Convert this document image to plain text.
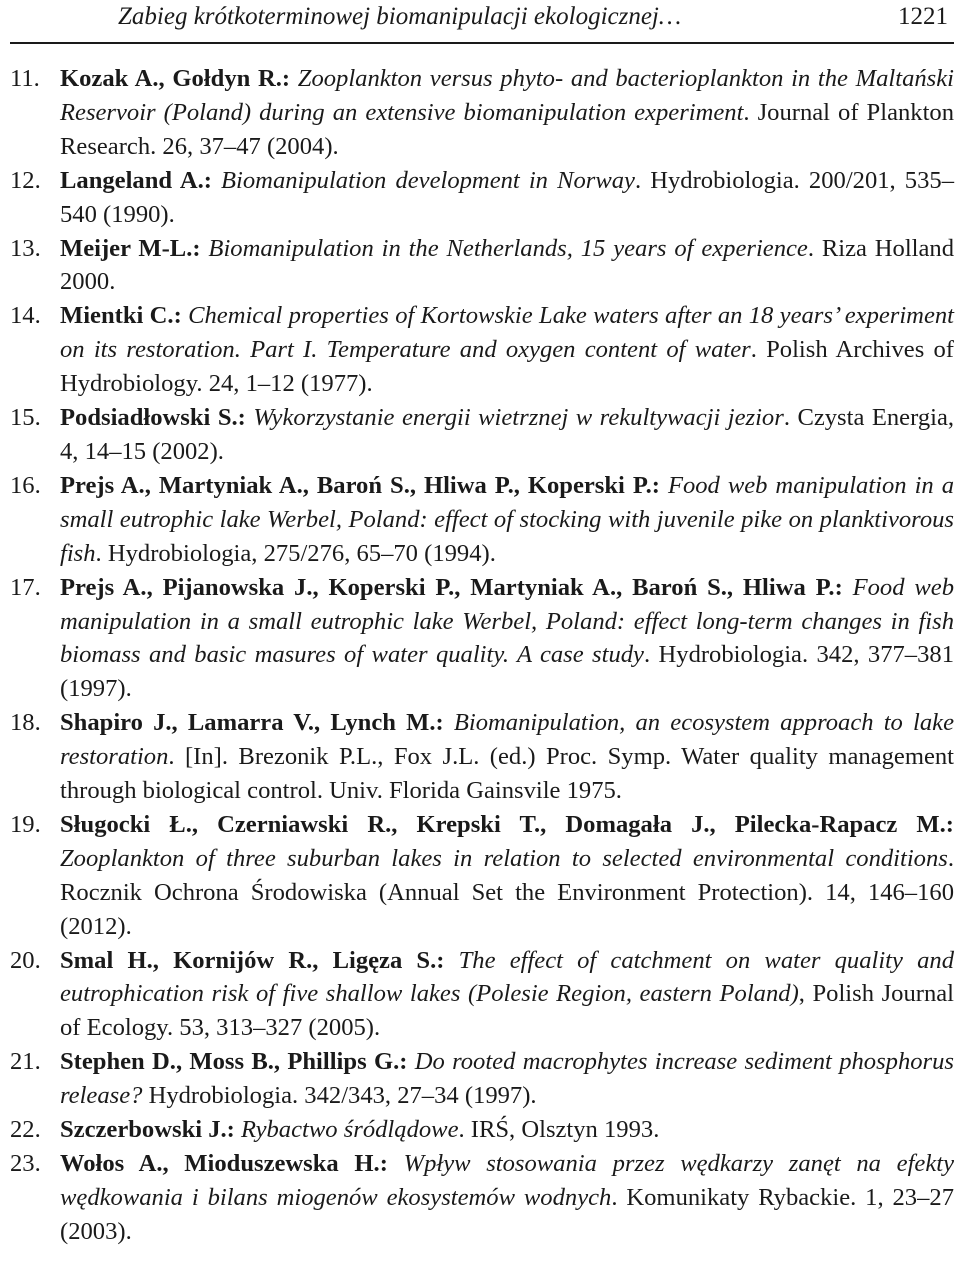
Zabieg krótkoterminowej biomanipulacji ekologicznej…	1221
11. Kozak A., Gołdyn R.: Zooplankton versus phyto- and bacterioplankton in the Maltański Reservoir (Poland) during an extensive biomanipulation experiment. Journal of Plankton Research. 26, 37–47 (2004).
12. Langeland A.: Biomanipulation development in Norway. Hydrobiologia. 200/201, 535–540 (1990).
13. Meijer M-L.: Biomanipulation in the Netherlands, 15 years of experience. Riza Holland 2000.
14. Mientki C.: Chemical properties of Kortowskie Lake waters after an 18 years’ experiment on its restoration. Part I. Temperature and oxygen content of water. Polish Archives of Hydrobiology. 24, 1–12 (1977).
15. Podsiadłowski S.: Wykorzystanie energii wietrznej w rekultywacji jezior. Czysta Energia, 4, 14–15 (2002).
16. Prejs A., Martyniak A., Baroń S., Hliwa P., Koperski P.: Food web manipulation in a small eutrophic lake Werbel, Poland: effect of stocking with juvenile pike on planktivorous fish. Hydrobiologia, 275/276, 65–70 (1994).
17. Prejs A., Pijanowska J., Koperski P., Martyniak A., Baroń S., Hliwa P.: Food web manipulation in a small eutrophic lake Werbel, Poland: effect long-term changes in fish biomass and basic masures of water quality. A case study. Hydrobiologia. 342, 377–381 (1997).
18. Shapiro J., Lamarra V., Lynch M.: Biomanipulation, an ecosystem approach to lake restoration. [In]. Brezonik P.L., Fox J.L. (ed.) Proc. Symp. Water quality management through biological control. Univ. Florida Gainsvile 1975.
19. Sługocki Ł., Czerniawski R., Krepski T., Domagała J., Pilecka-Rapacz M.: Zooplankton of three suburban lakes in relation to selected environmental conditions. Rocznik Ochrona Środowiska (Annual Set the Environment Protection). 14, 146–160 (2012).
20. Smal H., Kornijów R., Ligęza S.: The effect of catchment on water quality and eutrophication risk of five shallow lakes (Polesie Region, eastern Poland), Polish Journal of Ecology. 53, 313–327 (2005).
21. Stephen D., Moss B., Phillips G.: Do rooted macrophytes increase sediment phosphorus release? Hydrobiologia. 342/343, 27–34 (1997).
22. Szczerbowski J.: Rybactwo śródlądowe. IRŚ, Olsztyn 1993.
23. Wołos A., Mioduszewska H.: Wpływ stosowania przez wędkarzy zanęt na efekty wędkowania i bilans miogenów ekosystemów wodnych. Komunikaty Rybackie. 1, 23–27 (2003).
